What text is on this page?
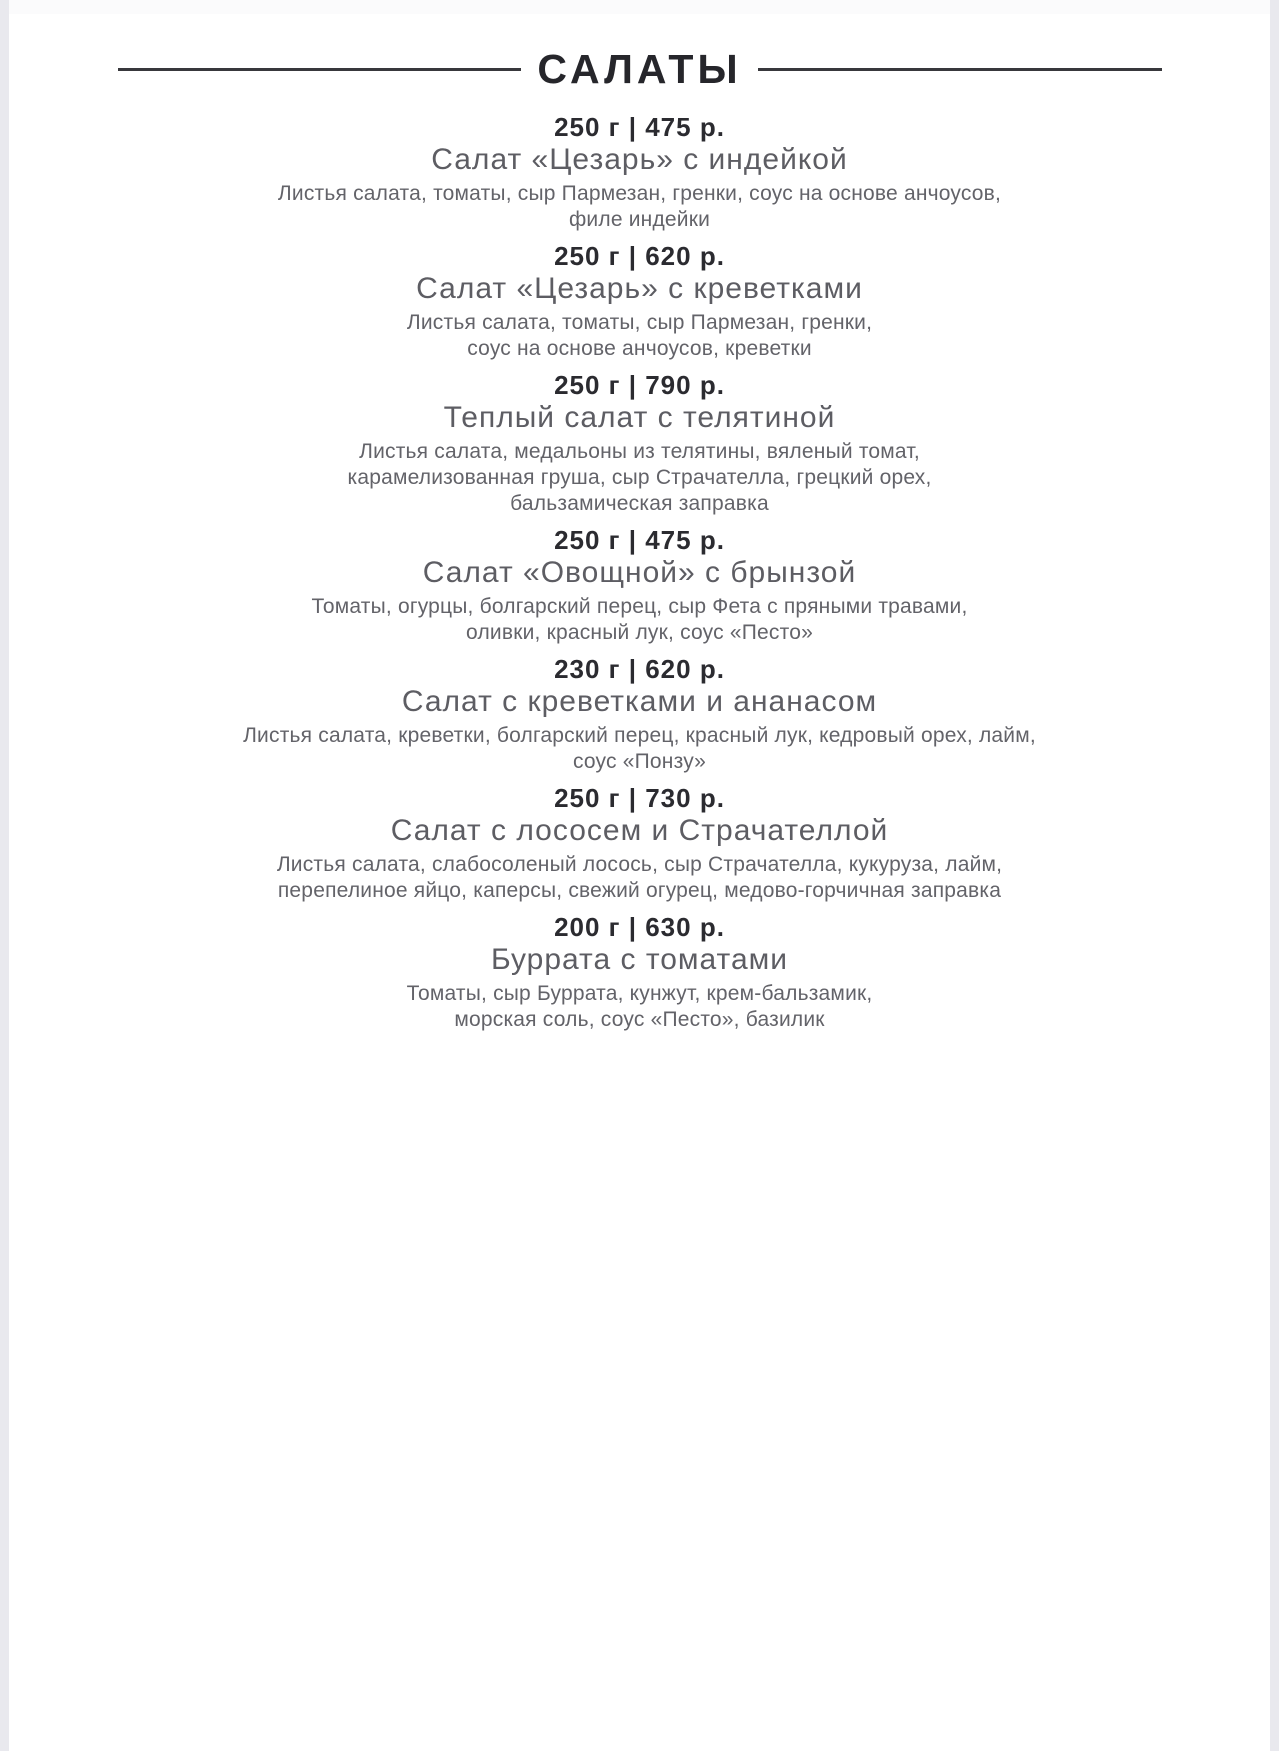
САЛАТЫ
250 г | 475 р.
Салат «Цезарь» с индейкой
Листья салата, томаты, сыр Пармезан, гренки, соус на основе анчоусов,
филе индейки
250 г | 620 р.
Салат «Цезарь» с креветками
Листья салата, томаты, сыр Пармезан, гренки,
соус на основе анчоусов, креветки
250 г | 790 р.
Теплый салат с телятиной
Листья салата, медальоны из телятины, вяленый томат,
карамелизованная груша, сыр Страчателла, грецкий орех,
бальзамическая заправка
250 г | 475 р.
Салат «Овощной» с брынзой
Томаты, огурцы, болгарский перец, сыр Фета с пряными травами,
оливки, красный лук, соус «Песто»
230 г | 620 р.
Салат с креветками и ананасом
Листья салата, креветки, болгарский перец, красный лук, кедровый орех, лайм,
соус «Понзу»
250 г | 730 р.
Салат с лососем и Страчателлой
Листья салата, слабосоленый лосось, сыр Страчателла, кукуруза, лайм,
перепелиное яйцо, каперсы, свежий огурец, медово-горчичная заправка
200 г | 630 р.
Буррата с томатами
Томаты, сыр Буррата, кунжут, крем-бальзамик,
морская соль, соус «Песто», базилик
